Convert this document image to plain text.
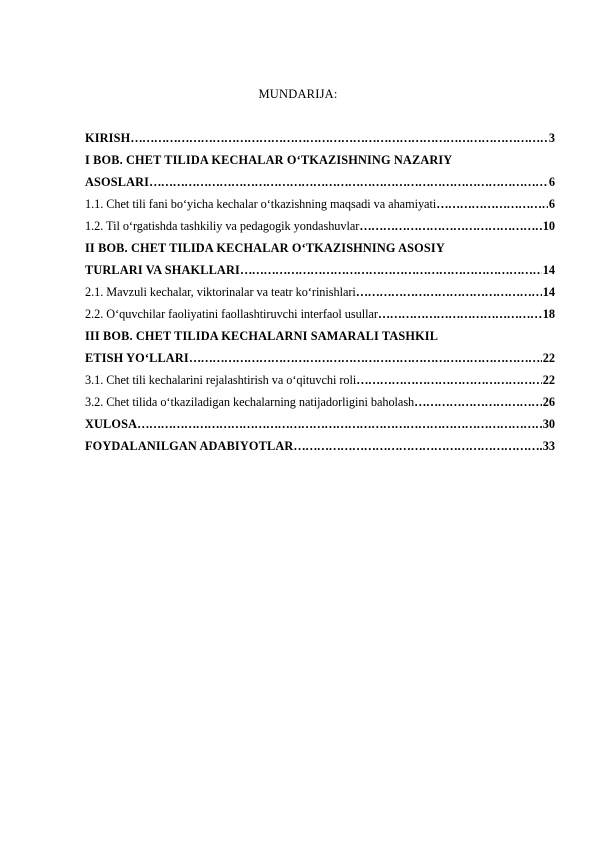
MUNDARIJA:
KIRISH ……………………………………………………………………………………………………………………………………………………………………	3
I BOB. CHET TILIDA KECHALAR O‘TKAZISHNING NAZARIY
ASOSLARI ……………………………………………………………………………………………………………………………………………………………………	6
1.1. Chet tili fani bo‘yicha kechalar o‘tkazishning maqsadi va ahamiyati ……………………………………………………………………………………………………………………………………………………………………	6
1.2. Til o‘rgatishda tashkiliy va pedagogik yondashuvlar ……………………………………………………………………………………………………………………………………………………………………	10
II BOB. CHET TILIDA KECHALAR O‘TKAZISHNING ASOSIY
TURLARI VA SHAKLLARI ……………………………………………………………………………………………………………………………………………………………………	14
2.1. Mavzuli kechalar, viktorinalar va teatr ko‘rinishlari ……………………………………………………………………………………………………………………………………………………………………	14
2.2. O‘quvchilar faoliyatini faollashtiruvchi interfaol usullar ……………………………………………………………………………………………………………………………………………………………………	18
III BOB. CHET TILIDA KECHALARNI SAMARALI TASHKIL
ETISH YO‘LLARI ……………………………………………………………………………………………………………………………………………………………………	22
3.1. Chet tili kechalarini rejalashtirish va o‘qituvchi roli ……………………………………………………………………………………………………………………………………………………………………	22
3.2. Chet tilida o‘tkaziladigan kechalarning natijadorligini baholash ……………………………………………………………………………………………………………………………………………………………………	26
XULOSA ……………………………………………………………………………………………………………………………………………………………………	30
FOYDALANILGAN ADABIYOTLAR ……………………………………………………………………………………………………………………………………………………………………	33
